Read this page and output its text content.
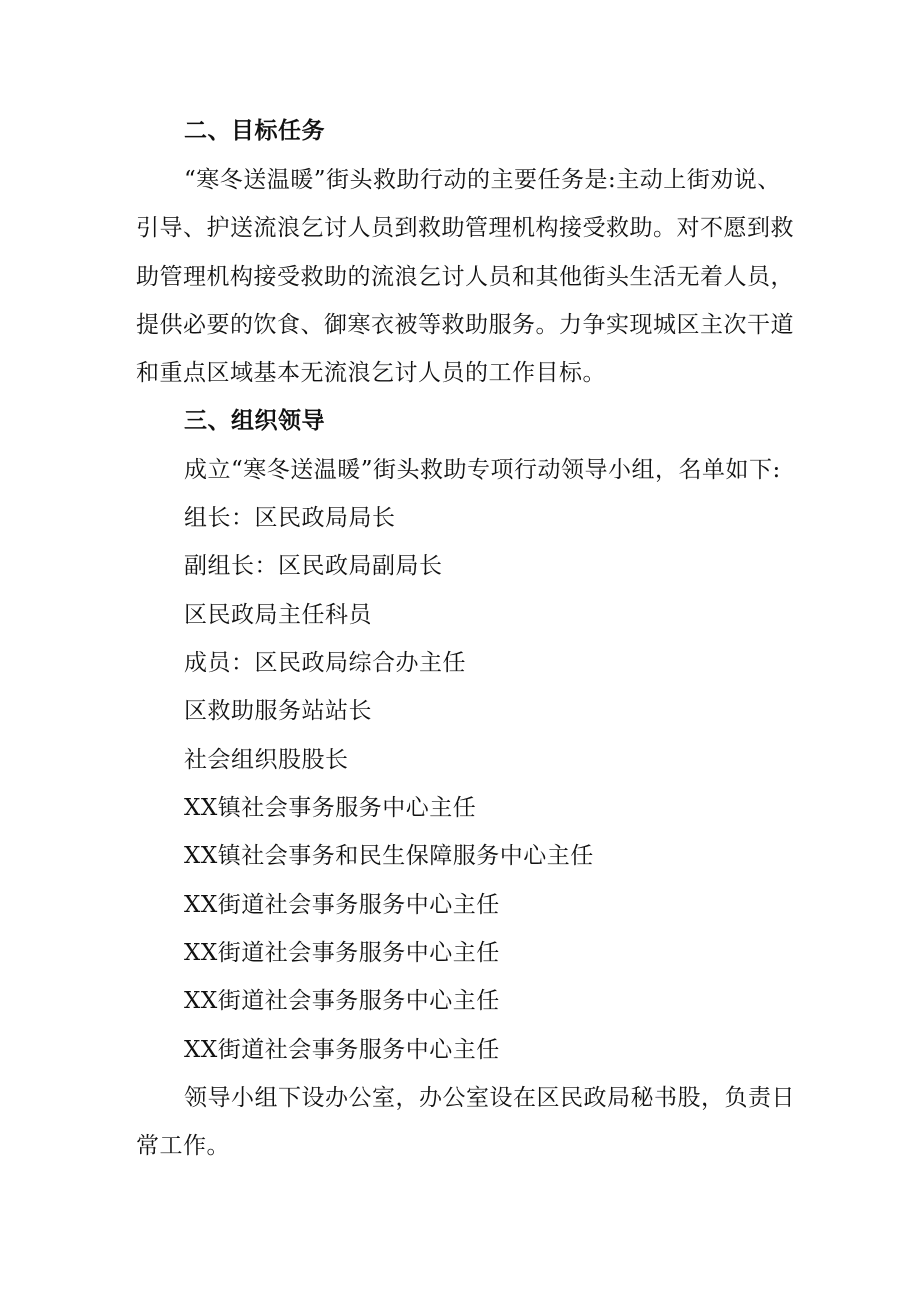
二、目标任务
“寒冬送温暖”街头救助行动的主要任务是:主动上街劝说、
引导、护送流浪乞讨人员到救助管理机构接受救助。对不愿到救
助管理机构接受救助的流浪乞讨人员和其他街头生活无着人员，
提供必要的饮食、御寒衣被等救助服务。力争实现城区主次干道
和重点区域基本无流浪乞讨人员的工作目标。
三、组织领导
成立“寒冬送温暖”街头救助专项行动领导小组，名单如下:
组长：区民政局局长
副组长：区民政局副局长
区民政局主任科员
成员：区民政局综合办主任
区救助服务站站长
社会组织股股长
XX镇社会事务服务中心主任
XX镇社会事务和民生保障服务中心主任
XX街道社会事务服务中心主任
XX街道社会事务服务中心主任
XX街道社会事务服务中心主任
XX街道社会事务服务中心主任
领导小组下设办公室，办公室设在区民政局秘书股，负责日
常工作。
